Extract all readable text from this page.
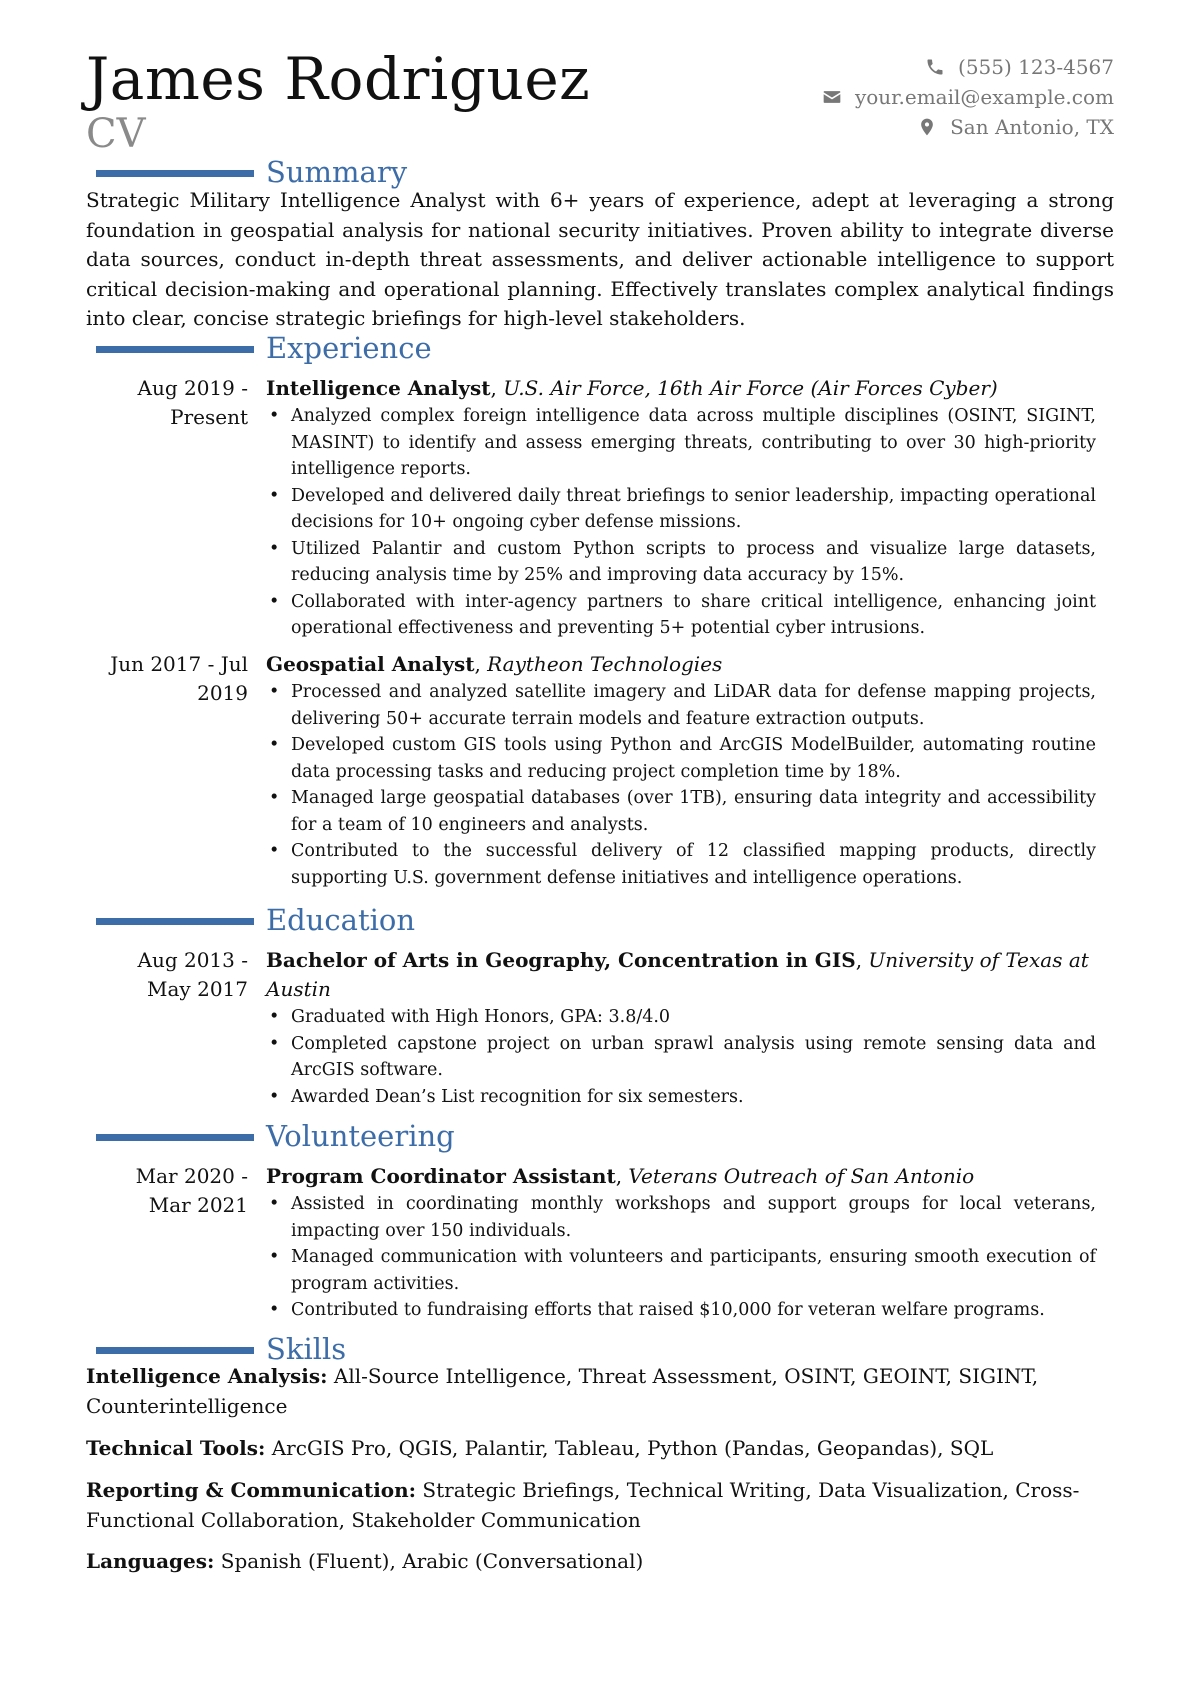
James Rodriguez
CV
(555) 123-4567
your.email@example.com
San Antonio, TX
Summary
Strategic Military Intelligence Analyst with 6+ years of experience, adept at leveraging a strong foundation in geospatial analysis for national security initiatives. Proven ability to integrate diverse data sources, conduct in-depth threat assessments, and deliver actionable intelligence to support critical decision-making and operational planning. Effectively translates complex analytical findings into clear, concise strategic briefings for high-level stakeholders.
Experience
Aug 2019 -
Present
Intelligence Analyst, U.S. Air Force, 16th Air Force (Air Forces Cyber)
• Analyzed complex foreign intelligence data across multiple disciplines (OSINT, SIGINT, MASINT) to identify and assess emerging threats, contributing to over 30 high-priority intelligence reports.
• Developed and delivered daily threat briefings to senior leadership, impacting operational decisions for 10+ ongoing cyber defense missions.
• Utilized Palantir and custom Python scripts to process and visualize large datasets, reducing analysis time by 25% and improving data accuracy by 15%.
• Collaborated with inter-agency partners to share critical intelligence, enhancing joint operational effectiveness and preventing 5+ potential cyber intrusions.
Jun 2017 - Jul
2019
Geospatial Analyst, Raytheon Technologies
• Processed and analyzed satellite imagery and LiDAR data for defense mapping projects, delivering 50+ accurate terrain models and feature extraction outputs.
• Developed custom GIS tools using Python and ArcGIS ModelBuilder, automating routine data processing tasks and reducing project completion time by 18%.
• Managed large geospatial databases (over 1TB), ensuring data integrity and accessibility for a team of 10 engineers and analysts.
• Contributed to the successful delivery of 12 classified mapping products, directly supporting U.S. government defense initiatives and intelligence operations.
Education
Aug 2013 -
May 2017
Bachelor of Arts in Geography, Concentration in GIS, University of Texas at Austin
• Graduated with High Honors, GPA: 3.8/4.0
• Completed capstone project on urban sprawl analysis using remote sensing data and ArcGIS software.
• Awarded Dean’s List recognition for six semesters.
Volunteering
Mar 2020 -
Mar 2021
Program Coordinator Assistant, Veterans Outreach of San Antonio
• Assisted in coordinating monthly workshops and support groups for local veterans, impacting over 150 individuals.
• Managed communication with volunteers and participants, ensuring smooth execution of program activities.
• Contributed to fundraising efforts that raised $10,000 for veteran welfare programs.
Skills
Intelligence Analysis: All-Source Intelligence, Threat Assessment, OSINT, GEOINT, SIGINT, Counterintelligence
Technical Tools: ArcGIS Pro, QGIS, Palantir, Tableau, Python (Pandas, Geopandas), SQL
Reporting & Communication: Strategic Briefings, Technical Writing, Data Visualization, Cross-Functional Collaboration, Stakeholder Communication
Languages: Spanish (Fluent), Arabic (Conversational)
